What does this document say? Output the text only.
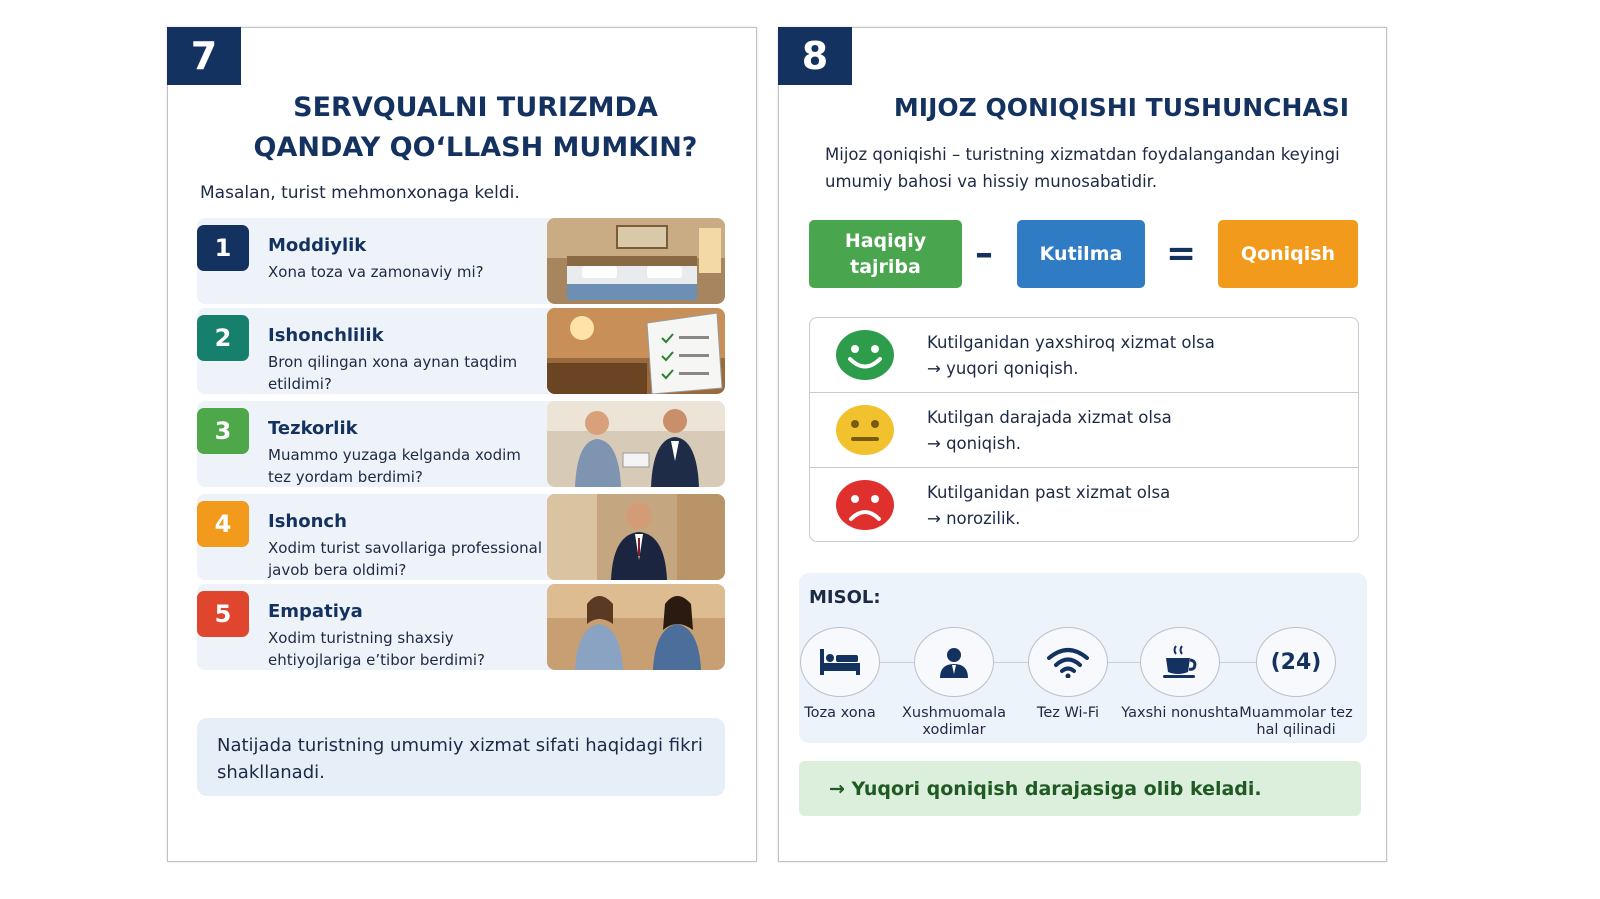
7
SERVQUALNI TURIZMDA
QANDAY QO‘LLASH MUMKIN?
Masalan, turist mehmonxonaga keldi.
1	Moddiylik
Xona toza va zamonaviy mi?
2	Ishonchlilik
Bron qilingan xona aynan taqdim etildimi?
3	Tezkorlik
Muammo yuzaga kelganda xodim tez yordam berdimi?
4	Ishonch
Xodim turist savollariga professional javob bera oldimi?
5	Empatiya
Xodim turistning shaxsiy ehtiyojlariga e’tibor berdimi?
Natijada turistning umumiy xizmat sifati haqidagi fikri shakllanadi.
8
MIJOZ QONIQISHI TUSHUNCHASI
Mijoz qoniqishi – turistning xizmatdan foydalangandan keyingi umumiy bahosi va hissiy munosabatidir.
Haqiqiy tajriba	–	Kutilma	=	Qoniqish
Kutilganidan yaxshiroq xizmat olsa
→ yuqori qoniqish.
Kutilgan darajada xizmat olsa
→ qoniqish.
Kutilganidan past xizmat olsa
→ norozilik.
MISOL:
Toza xona	Xushmuomala xodimlar
Tez Wi-Fi	Yaxshi nonushta
(24)
Muammolar tez hal qilinadi
→ Yuqori qoniqish darajasiga olib keladi.
